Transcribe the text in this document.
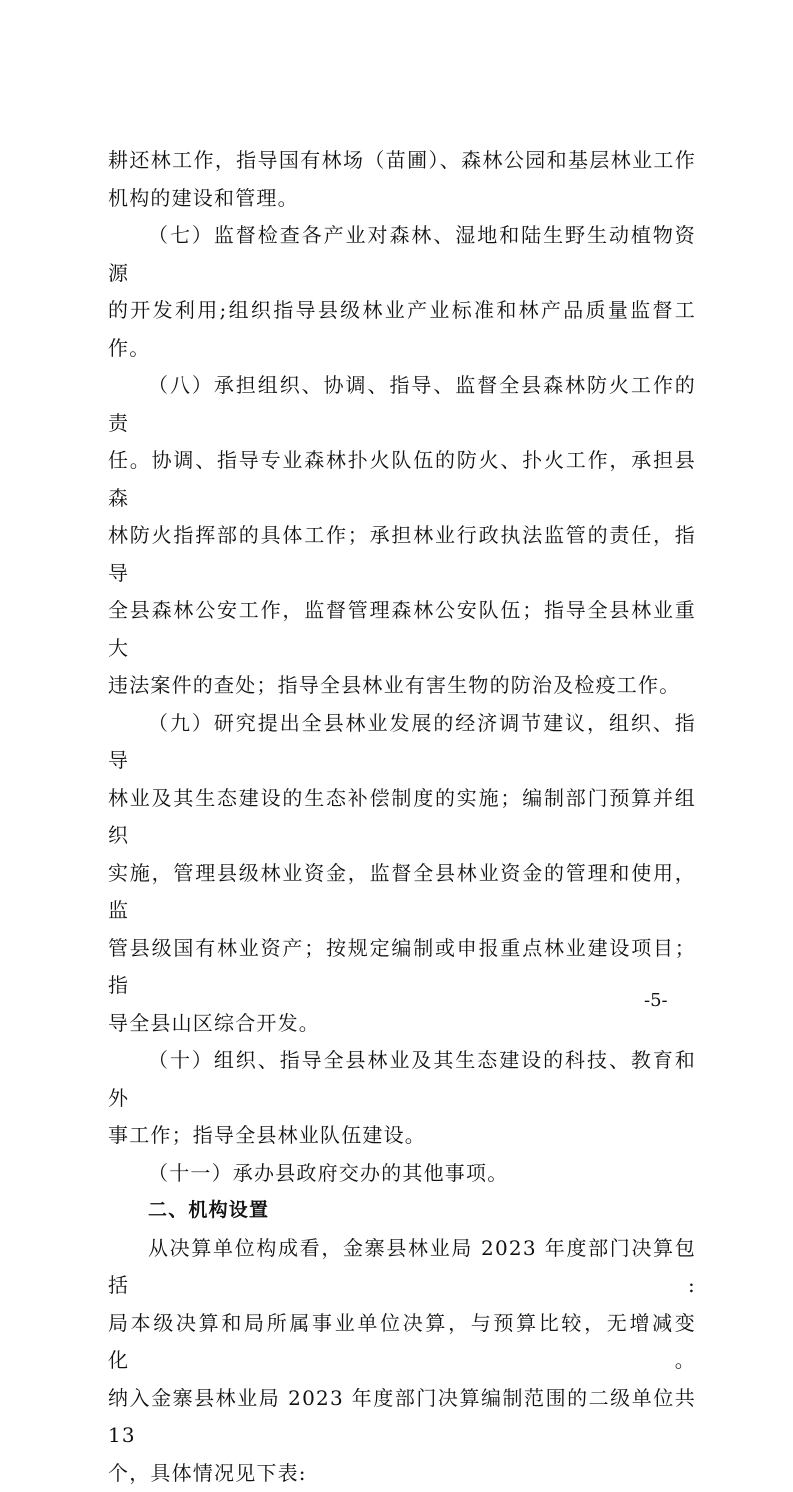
耕还林工作，指导国有林场（苗圃）、森林公园和基层林业工作

机构的建设和管理。

（七）监督检查各产业对森林、湿地和陆生野生动植物资源

的开发利用;组织指导县级林业产业标准和林产品质量监督工作。

（八）承担组织、协调、指导、监督全县森林防火工作的责

任。协调、指导专业森林扑火队伍的防火、扑火工作，承担县森

林防火指挥部的具体工作；承担林业行政执法监管的责任，指导

全县森林公安工作，监督管理森林公安队伍；指导全县林业重大

违法案件的查处；指导全县林业有害生物的防治及检疫工作。

（九）研究提出全县林业发展的经济调节建议，组织、指导

林业及其生态建设的生态补偿制度的实施；编制部门预算并组织

实施，管理县级林业资金，监督全县林业资金的管理和使用，监

管县级国有林业资产；按规定编制或申报重点林业建设项目；指

导全县山区综合开发。

（十）组织、指导全县林业及其生态建设的科技、教育和外

事工作；指导全县林业队伍建设。

（十一）承办县政府交办的其他事项。

二、机构设置

从决算单位构成看，金寨县林业局 2023 年度部门决算包括:

局本级决算和局所属事业单位决算，与预算比较，无增减变化。

纳入金寨县林业局 2023 年度部门决算编制范围的二级单位共 13

个，具体情况见下表:

-5-
